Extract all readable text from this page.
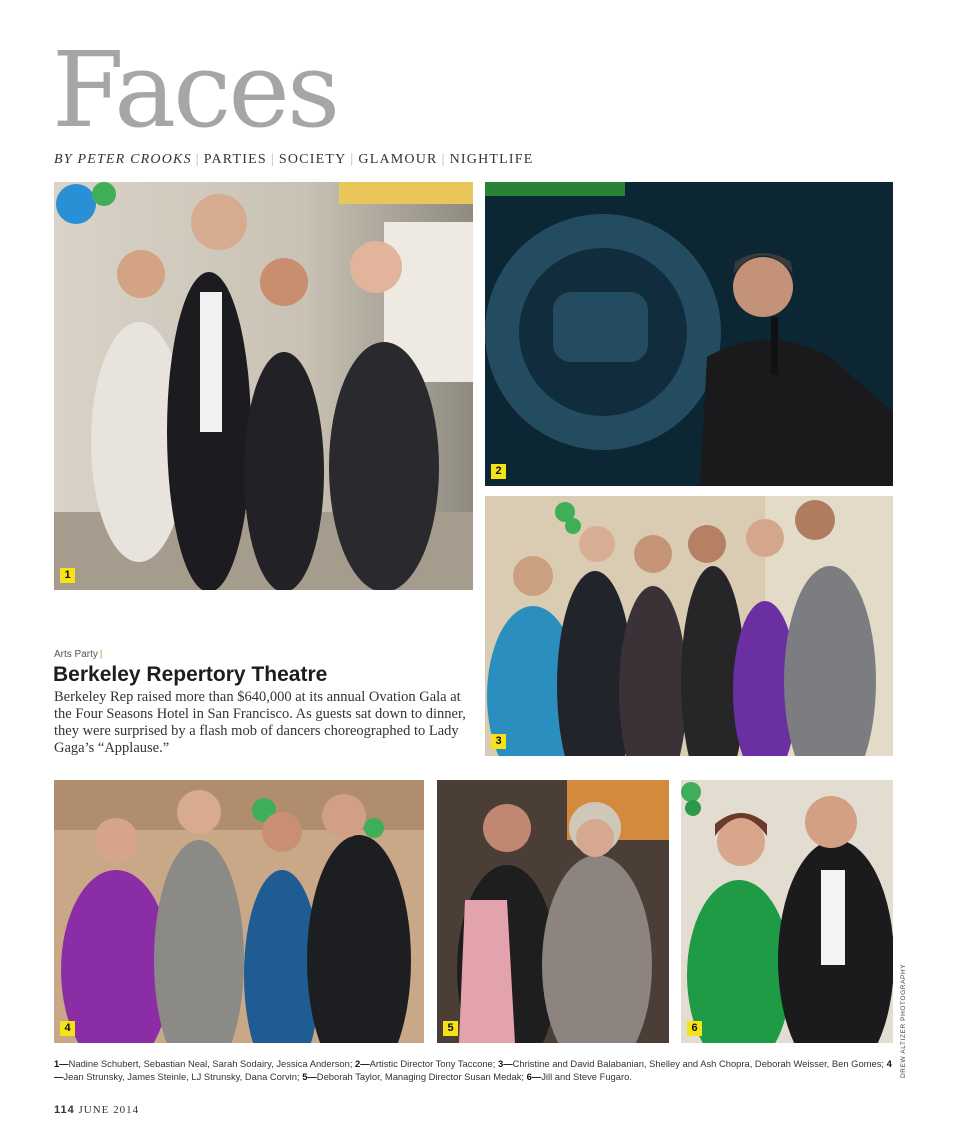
Faces
BY PETER CROOKS | PARTIES | SOCIETY | GLAMOUR | NIGHTLIFE
1
2
3
4	5	6
Arts Party |
Berkeley Repertory Theatre

Berkeley Rep raised more than $640,000 at its annual Ovation Gala at the Four Seasons Hotel in San Francisco. As guests sat down to dinner, they were surprised by a flash mob of dancers choreographed to Lady Gaga’s “Applause.”

1—Nadine Schubert, Sebastian Neal, Sarah Sodairy, Jessica Anderson; 2—Artistic Director Tony Taccone; 3—Christine and David Balabanian, Shelley and Ash Chopra, Deborah Weisser, Ben Gomes; 4—Jean Strunsky, James Steinle, LJ Strunsky, Dana Corvin; 5—Deborah Taylor, Managing Director Susan Medak; 6—Jill and Steve Fugaro.	DREW ALTIZER PHOTOGRAPHY
114 JUNE 2014
